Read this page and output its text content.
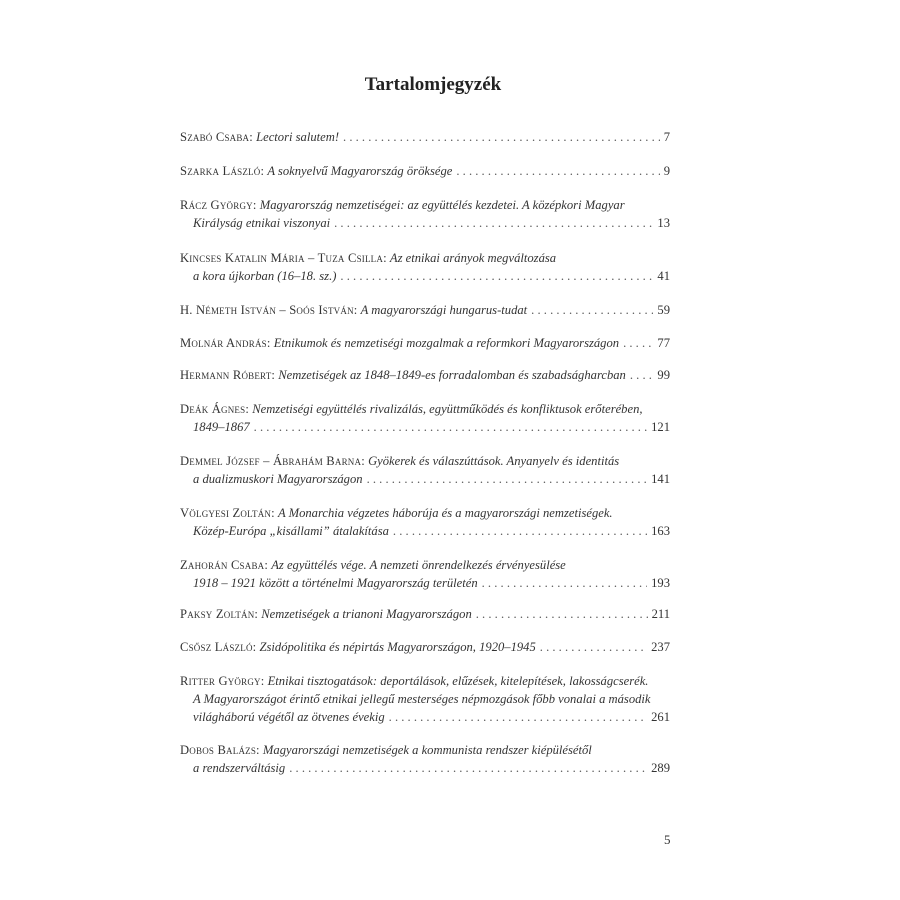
Tartalomjegyzék
Szabó Csaba:
Lectori salutem! . . .	7
Szarka László:
A soknyelvű Magyarország öröksége . . .	9
Rácz György:
Magyarország nemzetiségei: az együttélés kezdetei. A középkori Magyar
Királyság etnikai viszonyai . . .	13
Kincses Katalin Mária – Tuza Csilla:
Az etnikai arányok megváltozása
a kora újkorban (16–18. sz.) . . .	41
H. Németh István – Soós István:
A magyarországi hungarus-tudat . . .	59
Molnár András:
Etnikumok és nemzetiségi mozgalmak a reformkori Magyarországon . . .	77
Hermann Róbert:
Nemzetiségek az 1848–1849-es forradalomban és szabadságharcban . . .	99
Deák Ágnes:
Nemzetiségi együttélés rivalizálás, együttműködés és konfliktusok erőterében,
1849–1867 . . .	121
Demmel József – Ábrahám Barna:
Gyökerek és válaszúttások. Anyanyelv és identitás
a dualizmuskori Magyarországon . . .	141
Völgyesi Zoltán:
A Monarchia végzetes háborúja és a magyarországi nemzetiségek.
Közép-Európa „kisállami” átalakítása . . .	163
Zahorán Csaba:
Az együttélés vége. A nemzeti önrendelkezés érvényesülése
1918 – 1921 között a történelmi Magyarország területén . . .	193
Paksy Zoltán:
Nemzetiségek a trianoni Magyarországon . . .	211
Csősz László:
Zsidópolitika és népirtás Magyarországon, 1920–1945 . . .	237
Ritter György:
Etnikai tisztogatások: deportálások, elűzések, kitelepítések, lakosságcserék.
A Magyarországot érintő etnikai jellegű mesterséges népmozgások főbb vonalai a második
világháború végétől az ötvenes évekig . . .	261
Dobos Balázs:
Magyarországi nemzetiségek a kommunista rendszer kiépülésétől
a rendszerváltásig . . .	289
5
